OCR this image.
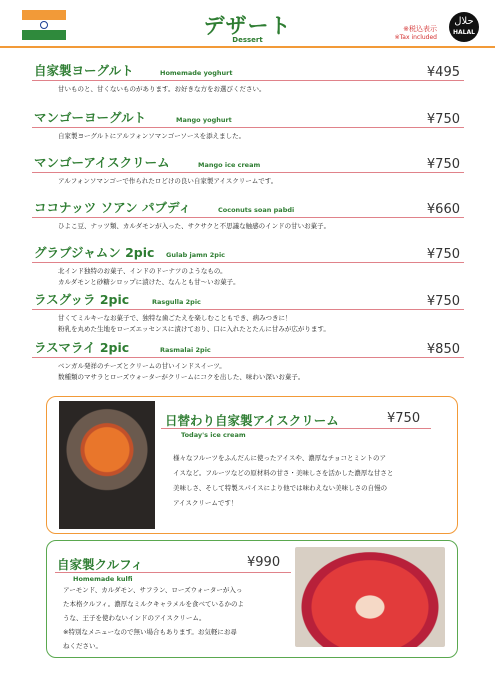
デザート
Dessert
※税込表示
※Tax included
حلال
HALAL
自家製ヨーグルト	Homemade yoghurt	¥495
甘いものと、甘くないものがあります。お好きな方をお選びください。
マンゴーヨーグルト	Mango yoghurt	¥750
自家製ヨーグルトにアルフォンソマンゴーソースを添えました。
マンゴーアイスクリーム	Mango ice cream	¥750
アルフォンソマンゴーで作られたロどけの良い自家製アイスクリームです。
ココナッツ ソアン パブディ	Coconuts soan pabdi	¥660
ひよこ豆、ナッツ類、カルダモンが入った、サクサクと不思議な触感のインドの甘いお菓子。
グラブジャムン 2pic Gulab jamn 2pic	¥750
北インド独特のお菓子、インドのドーナツのようなもの。
カルダモンと砂糖シロップに漬けた、なんとも甘～いお菓子。
ラスグッラ 2pic	Rasgulla 2pic	¥750
甘くてミルキーなお菓子で、独特な歯ごたえを楽しむこともでき、病みつきに！
粉乳を丸めた生地をローズエッセンスに漬けており、口に入れたとたんに甘みが広がります。
ラスマライ 2pic	Rasmalai 2pic	¥850
ベンガル発祥のチーズとクリームの甘いインドスイーツ。
数種類のマサラとローズウォーターがクリームにコクを出した、味わい深いお菓子。
日替わり自家製アイスクリーム	¥750
Today's ice cream
様々なフルーツをふんだんに使ったアイスや、濃厚なチョコとミントのア
イスなど。フルーツなどの原材料の甘さ・美味しさを活かした濃厚な甘さと
美味しさ、そして特製スパイスにより他では味わえない美味しさの自慢の
アイスクリームです！
自家製クルフィ	¥990
Homemade kulfi
アーモンド、カルダモン、サフラン、ローズウォーターが入っ
た本格クルフィ。濃厚なミルクキャラメルを食べているかのよ
うな、王子を使わないインドのアイスクリーム。
※特別なメニューなので無い場合もあります。お気軽にお尋
ねください。
